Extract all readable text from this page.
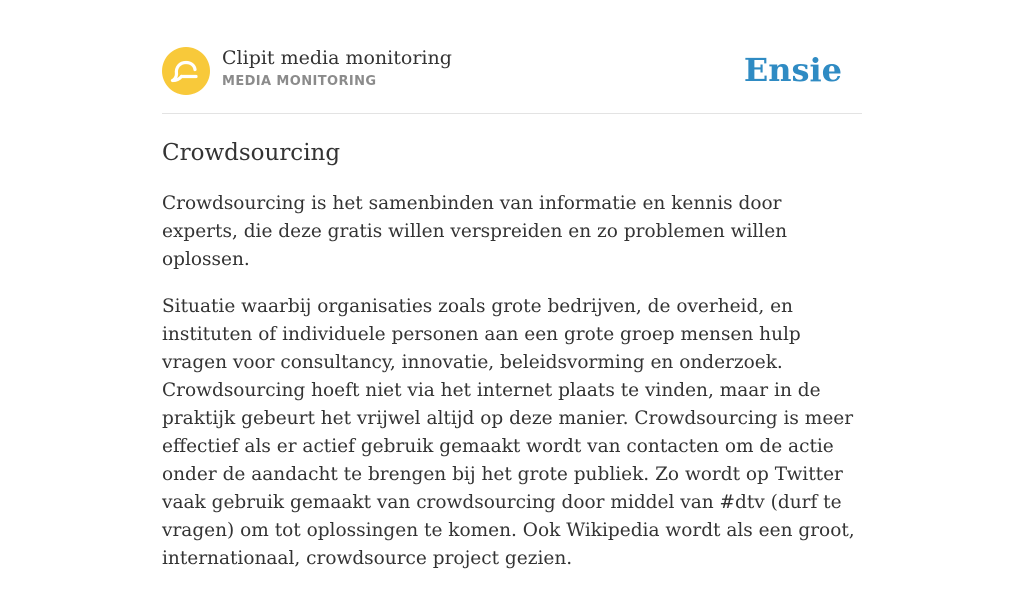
Clipit media monitoring
MEDIA MONITORING	Ensie
Crowdsourcing

Crowdsourcing is het samenbinden van informatie en kennis door experts, die deze gratis willen verspreiden en zo problemen willen oplossen.

Situatie waarbij organisaties zoals grote bedrijven, de overheid, en instituten of individuele personen aan een grote groep mensen hulp vragen voor consultancy, innovatie, beleidsvorming en onderzoek. Crowdsourcing hoeft niet via het internet plaats te vinden, maar in de praktijk gebeurt het vrijwel altijd op deze manier. Crowdsourcing is meer effectief als er actief gebruik gemaakt wordt van contacten om de actie onder de aandacht te brengen bij het grote publiek. Zo wordt op Twitter vaak gebruik gemaakt van crowdsourcing door middel van #dtv (durf te vragen) om tot oplossingen te komen. Ook Wikipedia wordt als een groot, internationaal, crowdsource project gezien.
